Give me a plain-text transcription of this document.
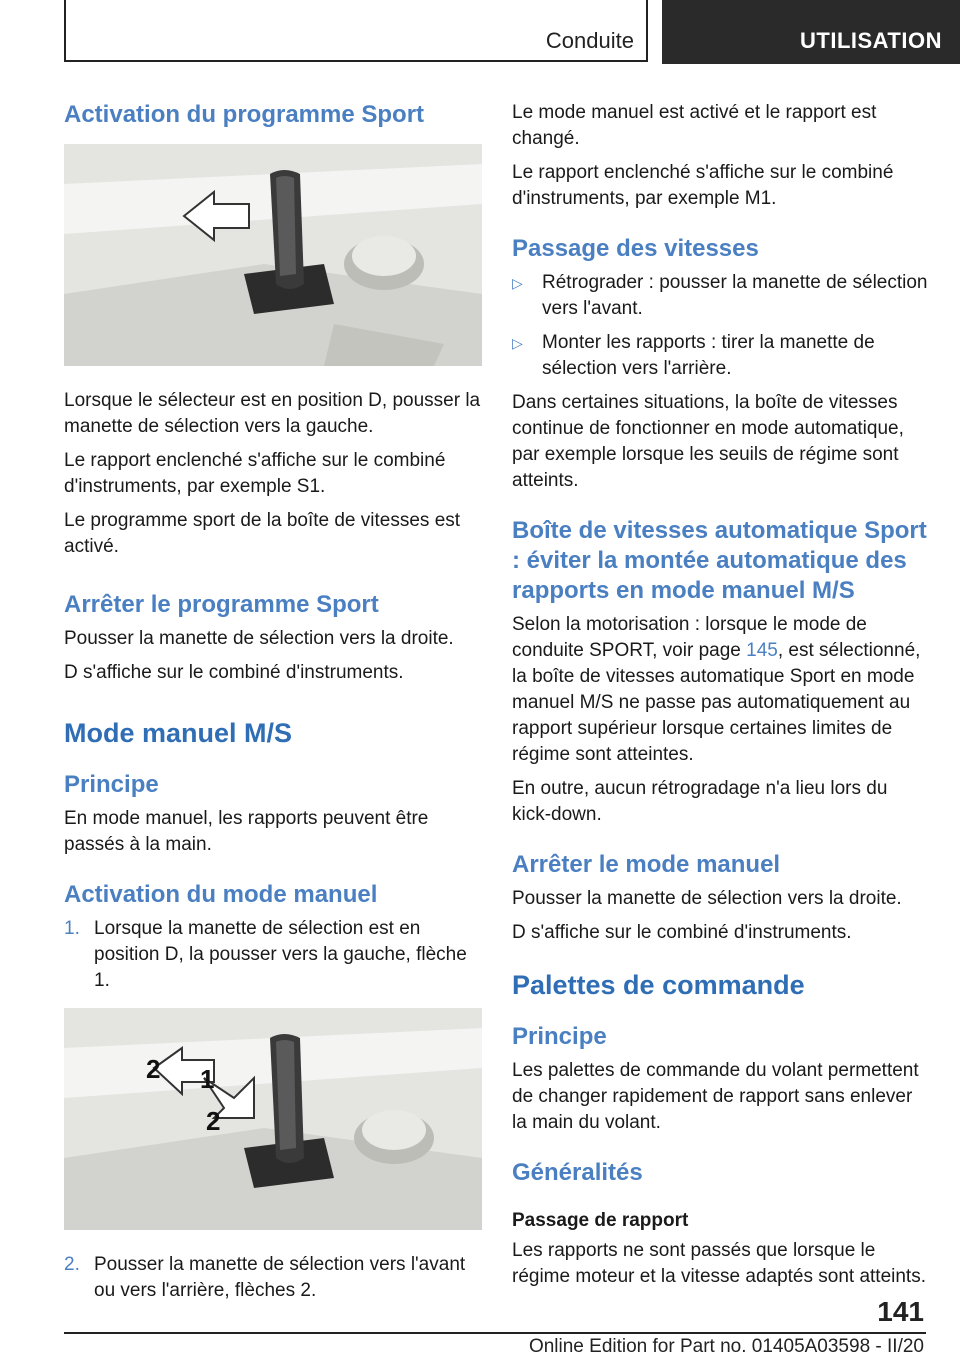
Conduite	UTILISATION
Activation du programme Sport

Lorsque le sélecteur est en position D, pousser la manette de sélection vers la gauche.

Le rapport enclenché s'affiche sur le combiné d'instruments, par exemple S1.

Le programme sport de la boîte de vitesses est activé.

Arrêter le programme Sport

Pousser la manette de sélection vers la droite.

D s'affiche sur le combiné d'instruments.

Mode manuel M/S
Principe

En mode manuel, les rapports peuvent être passés à la main.

Activation du mode manuel
1. Lorsque la manette de sélection est en position D, la pousser vers la gauche, flèche 1.
1
2
2
2. Pousser la manette de sélection vers l'avant ou vers l'arrière, flèches 2.

Le mode manuel est activé et le rapport est changé.

Le rapport enclenché s'affiche sur le combiné d'instruments, par exemple M1.

Passage des vitesses
▷	Rétrograder : pousser la manette de sélection vers l'avant.
▷	Monter les rapports : tirer la manette de sélection vers l'arrière.

Dans certaines situations, la boîte de vitesses continue de fonctionner en mode automatique, par exemple lorsque les seuils de régime sont atteints.

Boîte de vitesses automatique Sport : éviter la montée automatique des rapports en mode manuel M/S

Selon la motorisation : lorsque le mode de conduite SPORT, voir page 145, est sélectionné, la boîte de vitesses automatique Sport en mode manuel M/S ne passe pas automatiquement au rapport supérieur lorsque certaines limites de régime sont atteintes.

En outre, aucun rétrogradage n'a lieu lors du kick-down.

Arrêter le mode manuel

Pousser la manette de sélection vers la droite.

D s'affiche sur le combiné d'instruments.

Palettes de commande
Principe

Les palettes de commande du volant permettent de changer rapidement de rapport sans enlever la main du volant.

Généralités
Passage de rapport

Les rapports ne sont passés que lorsque le régime moteur et la vitesse adaptés sont atteints.

141
Online Edition for Part no. 01405A03598 - II/20
